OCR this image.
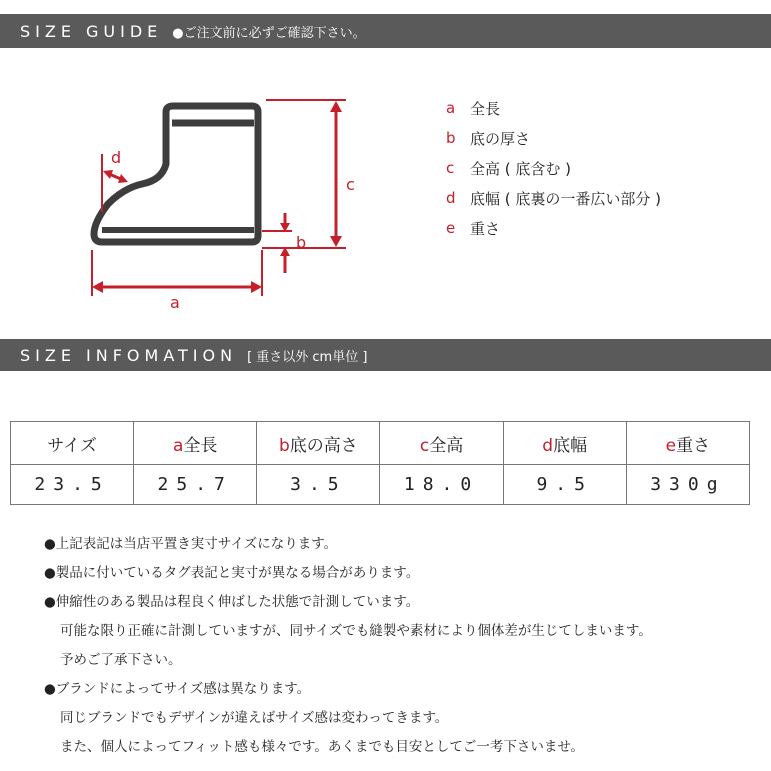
SIZE GUIDE ●ご注文前に必ずご確認下さい。
c
b
a
d
a 全長
b 底の厚さ
c	全高 ( 底含む )
d 底幅 ( 底裏の一番広い部分 )
e 重さ
SIZE INFOMATION [ 重さ以外 cm単位 ]
サイズ	a全長	b底の高さ	c全高	d底幅	e重さ
23.5	25.7	3.5	18.0	9.5	330g
●上記表記は当店平置き実寸サイズになります。
●製品に付いているタグ表記と実寸が異なる場合があります。
●伸縮性のある製品は程良く伸ばした状態で計測しています。
可能な限り正確に計測していますが、同サイズでも縫製や素材により個体差が生じてしまいます。
予めご了承下さい。
●ブランドによってサイズ感は異なります。
同じブランドでもデザインが違えばサイズ感は変わってきます。
また、個人によってフィット感も様々です。あくまでも目安としてご一考下さいませ。
